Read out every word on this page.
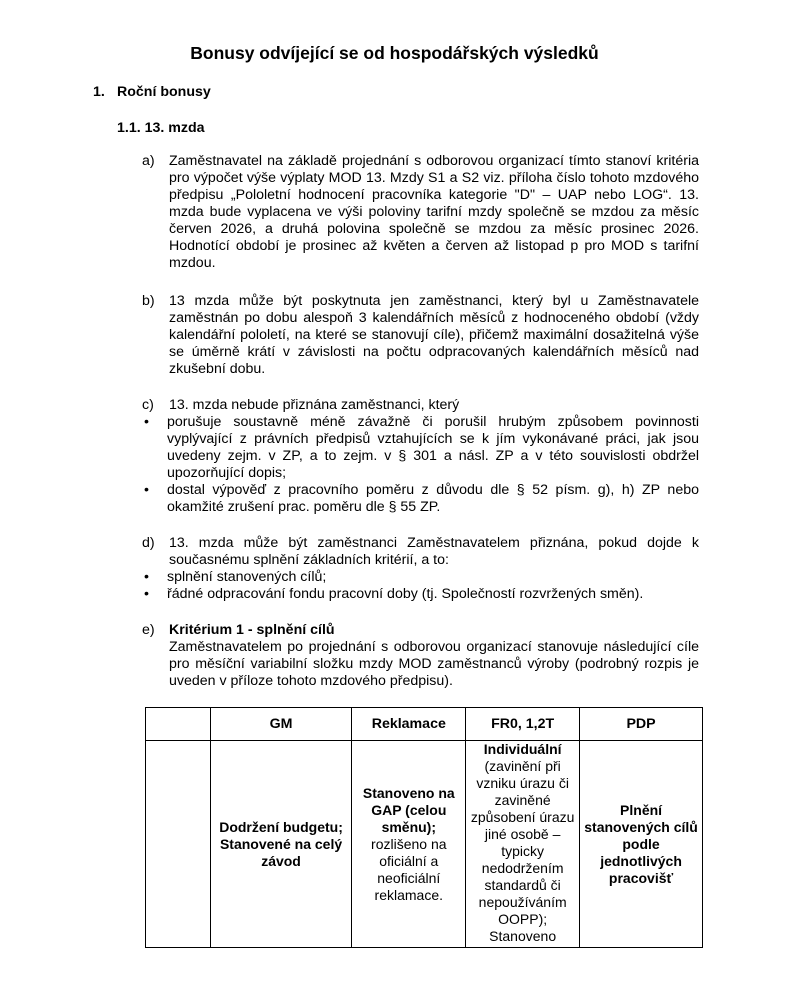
Bonusy odvíjející se od hospodářských výsledků
1. Roční bonusy
1.1. 13. mzda
a) Zaměstnavatel na základě projednání s odborovou organizací tímto stanoví kritéria pro výpočet výše výplaty MOD 13. Mzdy S1 a S2 viz. příloha číslo tohoto mzdového předpisu „Pololetní hodnocení pracovníka kategorie "D" – UAP nebo LOG“. 13. mzda bude vyplacena ve výši poloviny tarifní mzdy společně se mzdou za měsíc červen 2026, a druhá polovina společně se mzdou za měsíc prosinec 2026. Hodnotící období je prosinec až květen a červen až listopad p pro MOD s tarifní mzdou.
b) 13 mzda může být poskytnuta jen zaměstnanci, který byl u Zaměstnavatele zaměstnán po dobu alespoň 3 kalendářních měsíců z hodnoceného období (vždy kalendářní pololetí, na které se stanovují cíle), přičemž maximální dosažitelná výše se úměrně krátí v závislosti na počtu odpracovaných kalendářních měsíců nad zkušební dobu.
c) 13. mzda nebude přiznána zaměstnanci, který
• porušuje soustavně méně závažně či porušil hrubým způsobem povinnosti vyplývající z právních předpisů vztahujících se k jím vykonávané práci, jak jsou uvedeny zejm. v ZP, a to zejm. v § 301 a násl. ZP a v této souvislosti obdržel upozorňující dopis;
• dostal výpověď z pracovního poměru z důvodu dle § 52 písm. g), h) ZP nebo okamžité zrušení prac. poměru dle § 55 ZP.
d) 13. mzda může být zaměstnanci Zaměstnavatelem přiznána, pokud dojde k současnému splnění základních kritérií, a to:
• splnění stanovených cílů;
• řádné odpracování fondu pracovní doby (tj. Společností rozvržených směn).
e) Kritérium 1 - splnění cílů
Zaměstnavatelem po projednání s odborovou organizací stanovuje následující cíle pro měsíční variabilní složku mzdy MOD zaměstnanců výroby (podrobný rozpis je uveden v příloze tohoto mzdového předpisu).
	GM	Reklamace	FR0, 1,2T	PDP
	Dodržení budgetu; Stanovené na celý závod	Stanoveno na GAP (celou směnu); rozlišeno na oficiální a neoficiální reklamace.	Individuální
(zavinění při vzniku úrazu či zaviněné způsobení úrazu jiné osobě – typicky nedodržením standardů či nepoužíváním OOPP); Stanoveno	Plnění stanovených cílů podle jednotlivých pracovišť
